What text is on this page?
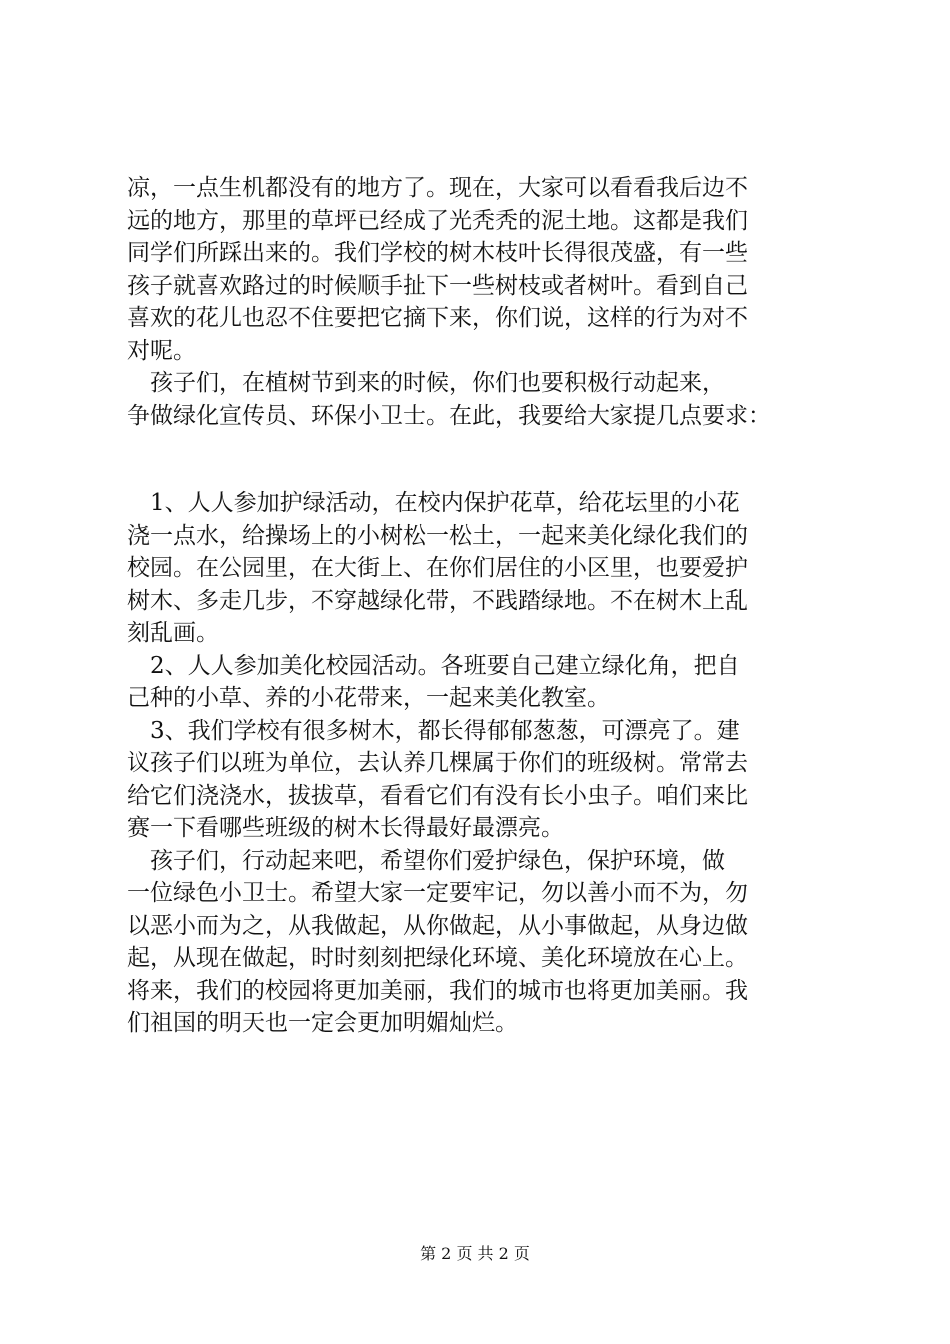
凉，一点生机都没有的地方了。现在，大家可以看看我后边不
远的地方，那里的草坪已经成了光秃秃的泥土地。这都是我们
同学们所踩出来的。我们学校的树木枝叶长得很茂盛，有一些
孩子就喜欢路过的时候顺手扯下一些树枝或者树叶。看到自己
喜欢的花儿也忍不住要把它摘下来，你们说，这样的行为对不
对呢。
　孩子们，在植树节到来的时候，你们也要积极行动起来，
争做绿化宣传员、环保小卫士。在此，我要给大家提几点要求：
　1、人人参加护绿活动，在校内保护花草，给花坛里的小花
浇一点水，给操场上的小树松一松土，一起来美化绿化我们的
校园。在公园里，在大街上、在你们居住的小区里，也要爱护
树木、多走几步，不穿越绿化带，不践踏绿地。不在树木上乱
刻乱画。
　2、人人参加美化校园活动。各班要自己建立绿化角，把自
己种的小草、养的小花带来，一起来美化教室。
　3、我们学校有很多树木，都长得郁郁葱葱，可漂亮了。建
议孩子们以班为单位，去认养几棵属于你们的班级树。常常去
给它们浇浇水，拔拔草，看看它们有没有长小虫子。咱们来比
赛一下看哪些班级的树木长得最好最漂亮。
　孩子们，行动起来吧，希望你们爱护绿色，保护环境，做
一位绿色小卫士。希望大家一定要牢记，勿以善小而不为，勿
以恶小而为之，从我做起，从你做起，从小事做起，从身边做
起，从现在做起，时时刻刻把绿化环境、美化环境放在心上。
将来，我们的校园将更加美丽，我们的城市也将更加美丽。我
们祖国的明天也一定会更加明媚灿烂。
第 2 页 共 2 页
